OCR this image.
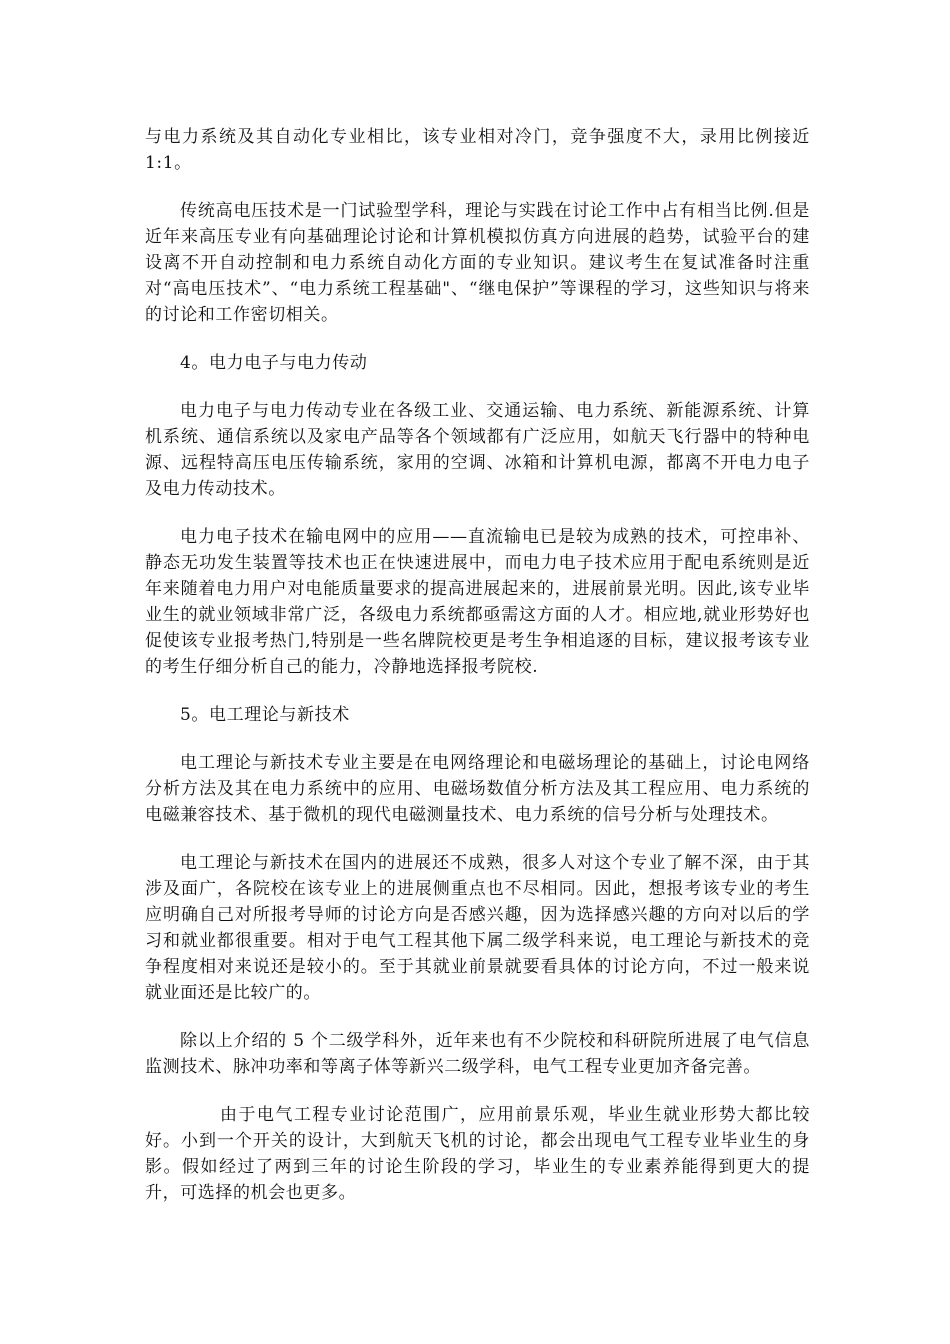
与电力系统及其自动化专业相比，该专业相对冷门，竞争强度不大，录用比例接近 1:1。

传统高电压技术是一门试验型学科，理论与实践在讨论工作中占有相当比例.但是近年来高压专业有向基础理论讨论和计算机模拟仿真方向进展的趋势，试验平台的建设离不开自动控制和电力系统自动化方面的专业知识。建议考生在复试准备时注重对“高电压技术”、“电力系统工程基础"、“继电保护”等课程的学习，这些知识与将来的讨论和工作密切相关。

4。电力电子与电力传动

电力电子与电力传动专业在各级工业、交通运输、电力系统、新能源系统、计算机系统、通信系统以及家电产品等各个领域都有广泛应用，如航天飞行器中的特种电源、远程特高压电压传输系统，家用的空调、冰箱和计算机电源，都离不开电力电子及电力传动技术。

电力电子技术在输电网中的应用——直流输电已是较为成熟的技术，可控串补、静态无功发生装置等技术也正在快速进展中，而电力电子技术应用于配电系统则是近年来随着电力用户对电能质量要求的提高进展起来的，进展前景光明。因此,该专业毕业生的就业领域非常广泛，各级电力系统都亟需这方面的人才。相应地,就业形势好也促使该专业报考热门,特别是一些名牌院校更是考生争相追逐的目标，建议报考该专业的考生仔细分析自己的能力，冷静地选择报考院校.

5。电工理论与新技术

电工理论与新技术专业主要是在电网络理论和电磁场理论的基础上，讨论电网络分析方法及其在电力系统中的应用、电磁场数值分析方法及其工程应用、电力系统的电磁兼容技术、基于微机的现代电磁测量技术、电力系统的信号分析与处理技术。

电工理论与新技术在国内的进展还不成熟，很多人对这个专业了解不深，由于其涉及面广，各院校在该专业上的进展侧重点也不尽相同。因此，想报考该专业的考生应明确自己对所报考导师的讨论方向是否感兴趣，因为选择感兴趣的方向对以后的学习和就业都很重要。相对于电气工程其他下属二级学科来说，电工理论与新技术的竞争程度相对来说还是较小的。至于其就业前景就要看具体的讨论方向，不过一般来说就业面还是比较广的。

除以上介绍的 5 个二级学科外，近年来也有不少院校和科研院所进展了电气信息监测技术、脉冲功率和等离子体等新兴二级学科，电气工程专业更加齐备完善。

由于电气工程专业讨论范围广，应用前景乐观，毕业生就业形势大都比较好。小到一个开关的设计，大到航天飞机的讨论，都会出现电气工程专业毕业生的身影。假如经过了两到三年的讨论生阶段的学习，毕业生的专业素养能得到更大的提升，可选择的机会也更多。
